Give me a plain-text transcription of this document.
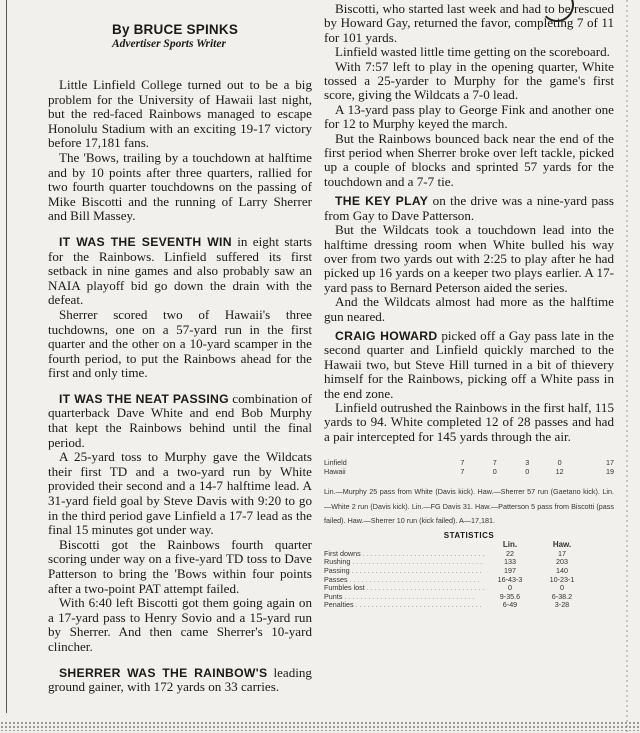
By BRUCE SPINKS
Advertiser Sports Writer

Little Linfield College turned out to be a big problem for the University of Hawaii last night, but the red-faced Rainbows managed to escape Honolulu Stadium with an exciting 19-17 victory before 17,181 fans.

The 'Bows, trailing by a touchdown at halftime and by 10 points after three quarters, rallied for two fourth quarter touchdowns on the passing of Mike Biscotti and the running of Larry Sherrer and Bill Massey.

IT WAS THE SEVENTH WIN in eight starts for the Rainbows. Linfield suffered its first setback in nine games and also probably saw an NAIA playoff bid go down the drain with the defeat.

Sherrer scored two of Hawaii's three tuchdowns, one on a 57-yard run in the first quarter and the other on a 10-yard scamper in the fourth period, to put the Rainbows ahead for the first and only time.

IT WAS THE NEAT PASSING combination of quarterback Dave White and end Bob Murphy that kept the Rainbows behind until the final period.

A 25-yard toss to Murphy gave the Wildcats their first TD and a two-yard run by White provided their second and a 14-7 halftime lead. A 31-yard field goal by Steve Davis with 9:20 to go in the third period gave Linfield a 17-7 lead as the final 15 minutes got under way.

Biscotti got the Rainbows fourth quarter scoring under way on a five-yard TD toss to Dave Patterson to bring the 'Bows within four points after a two-point PAT attempt failed.

With 6:40 left Biscotti got them going again on a 17-yard pass to Henry Sovio and a 15-yard run by Sherrer. And then came Sherrer's 10-yard clincher.

SHERRER WAS THE RAINBOW'S leading ground gainer, with 172 yards on 33 carries.

Biscotti, who started last week and had to be rescued by Howard Gay, returned the favor, completing 7 of 11 for 101 yards.

Linfield wasted little time getting on the scoreboard.

With 7:57 left to play in the opening quarter, White tossed a 25-yarder to Murphy for the game's first score, giving the Wildcats a 7-0 lead.

A 13-yard pass play to George Fink and another one for 12 to Murphy keyed the march.

But the Rainbows bounced back near the end of the first period when Sherrer broke over left tackle, picked up a couple of blocks and sprinted 57 yards for the touchdown and a 7-7 tie.

THE KEY PLAY on the drive was a nine-yard pass from Gay to Dave Patterson.

But the Wildcats took a touchdown lead into the halftime dressing room when White bulled his way over from two yards out with 2:25 to play after he had picked up 16 yards on a keeper two plays earlier. A 17-yard pass to Bernard Peterson aided the series.

And the Wildcats almost had more as the halftime gun neared.

CRAIG HOWARD picked off a Gay pass late in the second quarter and Linfield quickly marched to the Hawaii two, but Steve Hill turned in a bit of thievery himself for the Rainbows, picking off a White pass in the end zone.

Linfield outrushed the Rainbows in the first half, 115 yards to 94. White completed 12 of 28 passes and had a pair intercepted for 145 yards through the air.

Linfield	7	7	3	0	17
Hawaii	7	0	0	12	19

Lin.—Murphy 25 pass from White (Davis kick). Haw.—Sherrer 57 run (Gaetano kick). Lin.—White 2 run (Davis kick). Lin.—FG Davis 31. Haw.—Patterson 5 pass from Biscotti (pass failed). Haw.—Sherrer 10 run (kick failed). A—17,181.

STATISTICS
Lin.	Haw.
First downs . . .	22	17
Rushing . . .	133	203
Passing . . .	197	140
Passes . . .	16-43-3	10-23-1
Fumbles lost . . .	0	0
Punts . . .	9-35.6	6-38.2
Penalties . . .	6-49	3-28
